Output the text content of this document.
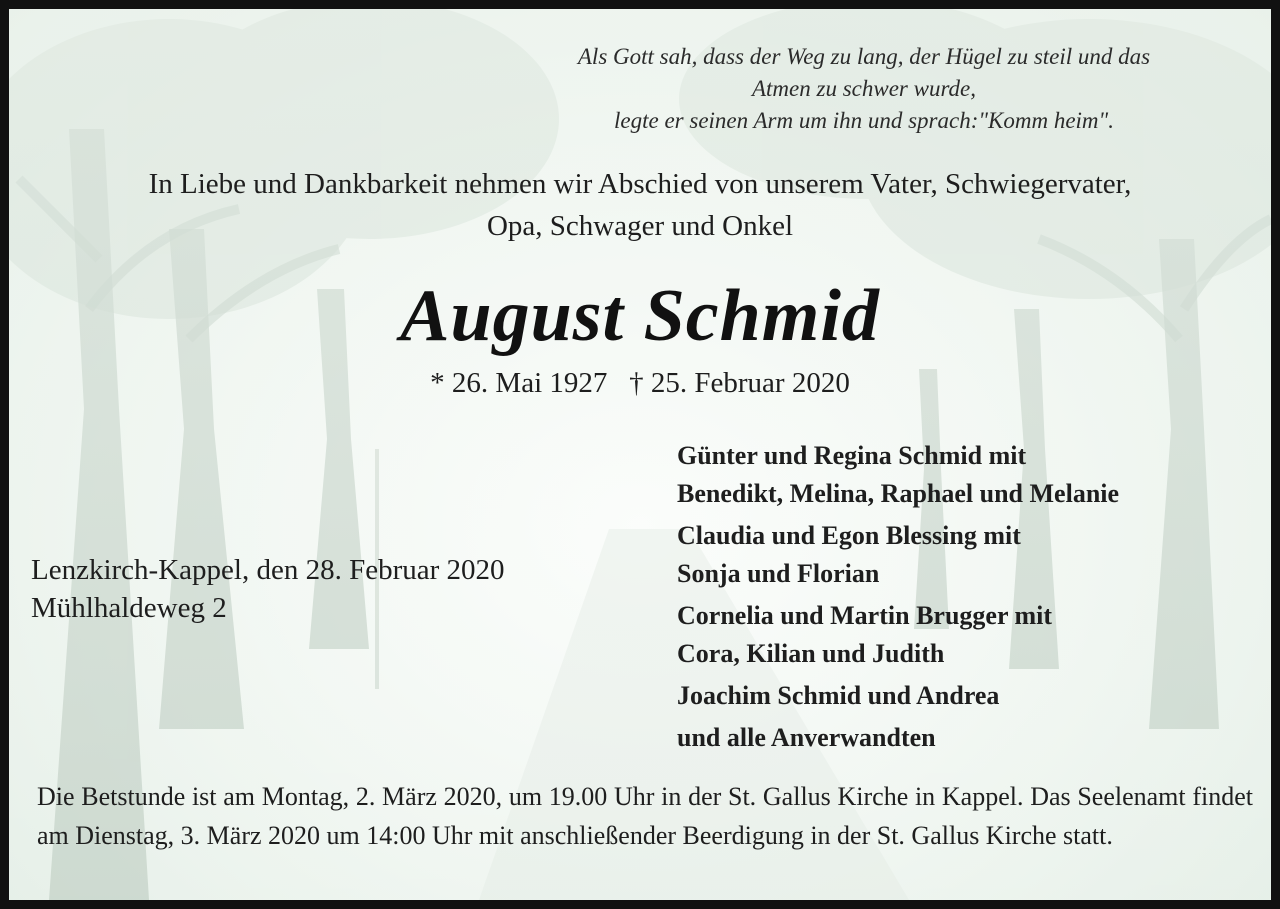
Als Gott sah, dass der Weg zu lang, der Hügel zu steil und das
Atmen zu schwer wurde,
legte er seinen Arm um ihn und sprach:"Komm heim".
In Liebe und Dankbarkeit nehmen wir Abschied von unserem Vater, Schwiegervater,
Opa, Schwager und Onkel
August Schmid
* 26. Mai 1927   † 25. Februar 2020
Lenzkirch-Kappel, den 28. Februar 2020
Mühlhaldeweg 2
Günter und Regina Schmid mit
Benedikt, Melina, Raphael und Melanie
Claudia und Egon Blessing mit
Sonja und Florian
Cornelia und Martin Brugger mit
Cora, Kilian und Judith
Joachim Schmid und Andrea
und alle Anverwandten
Die Betstunde ist am Montag, 2. März 2020, um 19.00 Uhr in der St. Gallus Kirche in Kappel. Das Seelenamt findet am Dienstag, 3. März 2020 um 14:00 Uhr mit anschließender Beerdigung in der St. Gallus Kirche statt.
